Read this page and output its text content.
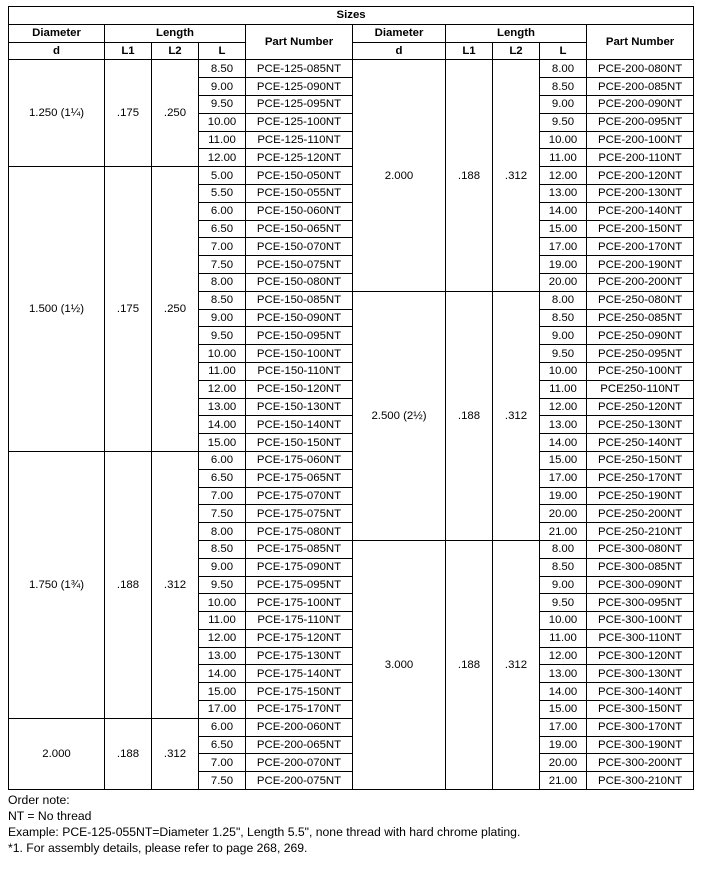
Sizes									
Diameter	Length			Part Number	Diameter	Length			Part Number
d	L1	L2	L		d	L1	L2	L	
1.250 (1¼)	.175	.250	8.50	PCE-125-085NT	2.000	.188	.312	8.00	PCE-200-080NT
			9.00	PCE-125-090NT				8.50	PCE-200-085NT
			9.50	PCE-125-095NT				9.00	PCE-200-090NT
			10.00	PCE-125-100NT				9.50	PCE-200-095NT
			11.00	PCE-125-110NT				10.00	PCE-200-100NT
			12.00	PCE-125-120NT				11.00	PCE-200-110NT
1.500 (1½)	.175	.250	5.00	PCE-150-050NT				12.00	PCE-200-120NT
			5.50	PCE-150-055NT				13.00	PCE-200-130NT
			6.00	PCE-150-060NT				14.00	PCE-200-140NT
			6.50	PCE-150-065NT				15.00	PCE-200-150NT
			7.00	PCE-150-070NT				17.00	PCE-200-170NT
			7.50	PCE-150-075NT				19.00	PCE-200-190NT
			8.00	PCE-150-080NT				20.00	PCE-200-200NT
			8.50	PCE-150-085NT	2.500 (2½)	.188	.312	8.00	PCE-250-080NT
			9.00	PCE-150-090NT				8.50	PCE-250-085NT
			9.50	PCE-150-095NT				9.00	PCE-250-090NT
			10.00	PCE-150-100NT				9.50	PCE-250-095NT
			11.00	PCE-150-110NT				10.00	PCE-250-100NT
			12.00	PCE-150-120NT				11.00	PCE250-110NT
			13.00	PCE-150-130NT				12.00	PCE-250-120NT
			14.00	PCE-150-140NT				13.00	PCE-250-130NT
			15.00	PCE-150-150NT				14.00	PCE-250-140NT
1.750 (1¾)	.188	.312	6.00	PCE-175-060NT				15.00	PCE-250-150NT
			6.50	PCE-175-065NT				17.00	PCE-250-170NT
			7.00	PCE-175-070NT				19.00	PCE-250-190NT
			7.50	PCE-175-075NT				20.00	PCE-250-200NT
			8.00	PCE-175-080NT				21.00	PCE-250-210NT
			8.50	PCE-175-085NT	3.000	.188	.312	8.00	PCE-300-080NT
			9.00	PCE-175-090NT				8.50	PCE-300-085NT
			9.50	PCE-175-095NT				9.00	PCE-300-090NT
			10.00	PCE-175-100NT				9.50	PCE-300-095NT
			11.00	PCE-175-110NT				10.00	PCE-300-100NT
			12.00	PCE-175-120NT				11.00	PCE-300-110NT
			13.00	PCE-175-130NT				12.00	PCE-300-120NT
			14.00	PCE-175-140NT				13.00	PCE-300-130NT
			15.00	PCE-175-150NT				14.00	PCE-300-140NT
			17.00	PCE-175-170NT				15.00	PCE-300-150NT
2.000	.188	.312	6.00	PCE-200-060NT				17.00	PCE-300-170NT
			6.50	PCE-200-065NT				19.00	PCE-300-190NT
			7.00	PCE-200-070NT				20.00	PCE-300-200NT
			7.50	PCE-200-075NT				21.00	PCE-300-210NT
Order note:
NT = No thread
Example: PCE-125-055NT=Diameter 1.25", Length 5.5", none thread with hard chrome plating.
*1. For assembly details, please refer to page 268, 269.
